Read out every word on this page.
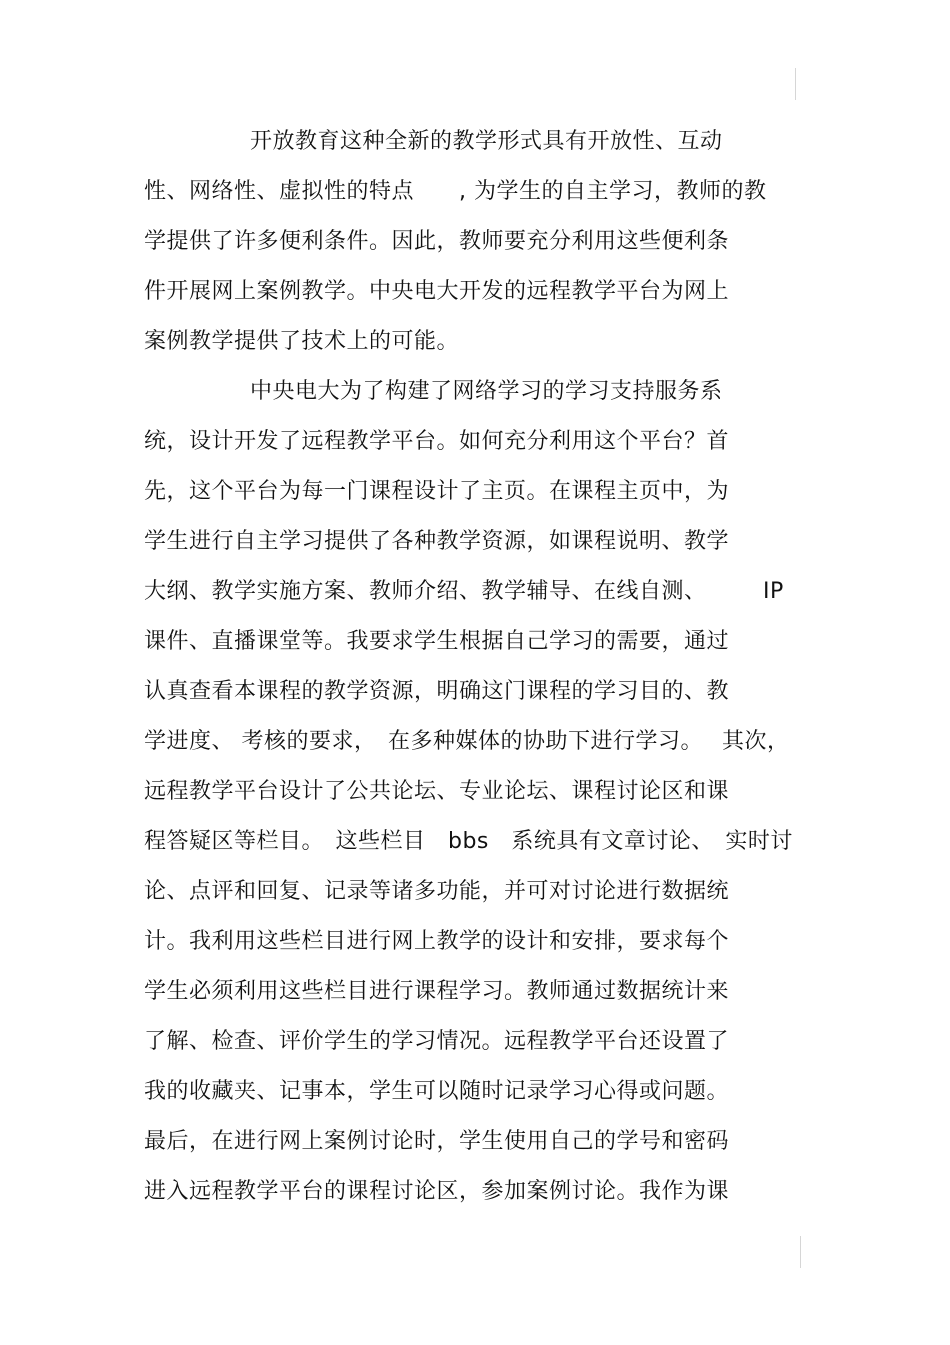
开放教育这种全新的教学形式具有开放性、互动
性、网络性、虚拟性的特点　　, 为学生的自主学习，教师的教
学提供了许多便利条件。因此，教师要充分利用这些便利条
件开展网上案例教学。中央电大开发的远程教学平台为网上
案例教学提供了技术上的可能。
中央电大为了构建了网络学习的学习支持服务系
统，设计开发了远程教学平台。如何充分利用这个平台？首
先，这个平台为每一门课程设计了主页。在课程主页中，为
学生进行自主学习提供了各种教学资源，如课程说明、教学
大纲、教学实施方案、教师介绍、教学辅导、在线自测、　　　IP
课件、直播课堂等。我要求学生根据自己学习的需要，通过
认真查看本课程的教学资源，明确这门课程的学习目的、教
学进度、 考核的要求，　在多种媒体的协助下进行学习。　 其次，
远程教学平台设计了公共论坛、专业论坛、课程讨论区和课
程答疑区等栏目。　这些栏目　bbs　系统具有文章讨论、　实时讨
论、点评和回复、记录等诸多功能，并可对讨论进行数据统
计。我利用这些栏目进行网上教学的设计和安排，要求每个
学生必须利用这些栏目进行课程学习。教师通过数据统计来
了解、检查、评价学生的学习情况。远程教学平台还设置了
我的收藏夹、记事本，学生可以随时记录学习心得或问题。
最后，在进行网上案例讨论时，学生使用自己的学号和密码
进入远程教学平台的课程讨论区，参加案例讨论。我作为课
